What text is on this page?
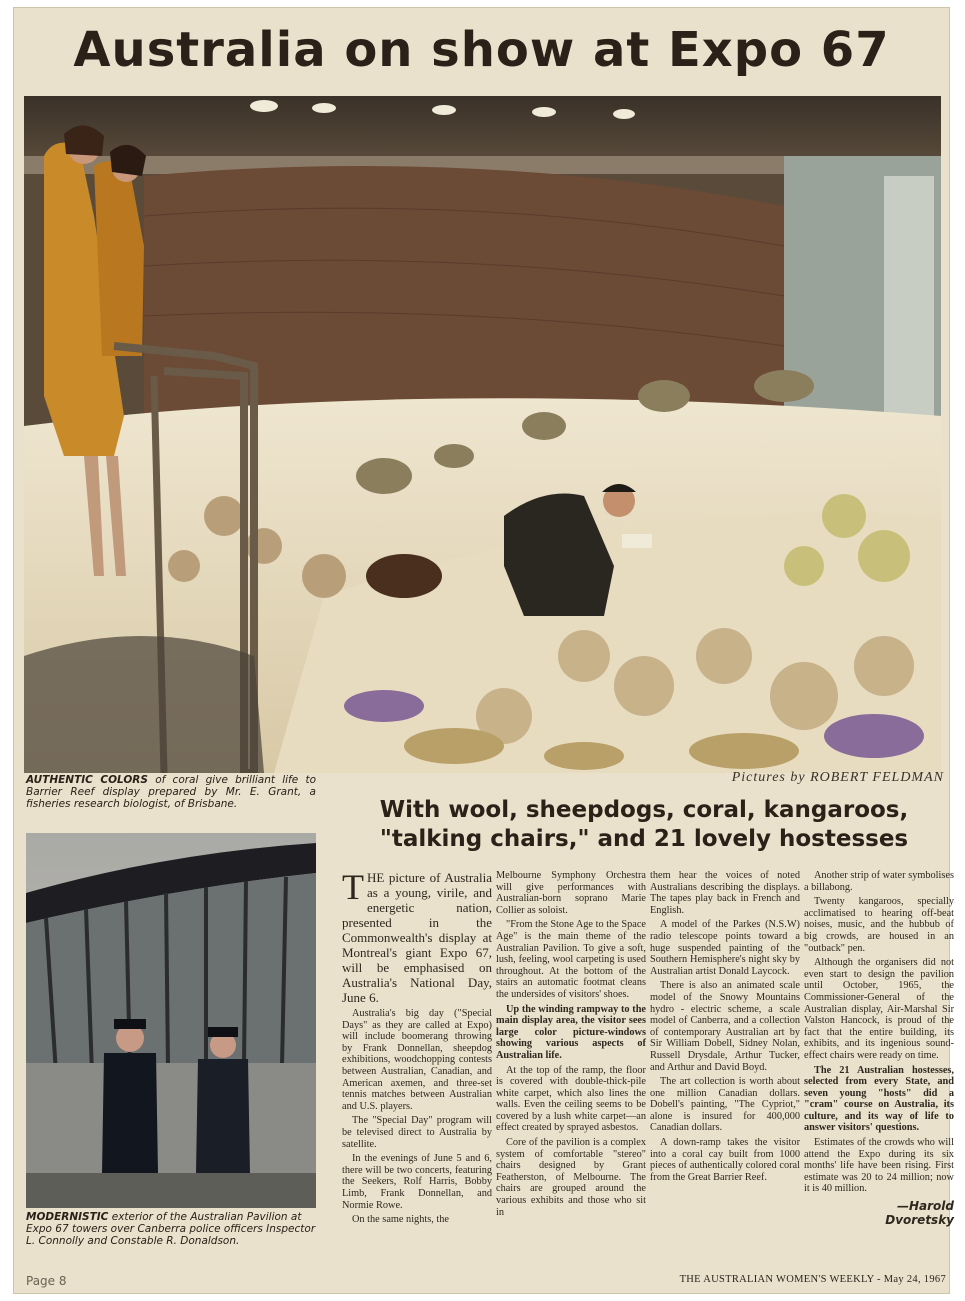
Australia on show at Expo 67
Pictures by ROBERT FELDMAN
AUTHENTIC COLORS of coral give brilliant life to Barrier Reef display prepared by Mr. E. Grant, a fisheries research biologist, of Brisbane.	With wool, sheepdogs, coral, kangaroos,
"talking chairs," and 21 lovely hostesses
MODERNISTIC exterior of the Australian Pavilion at Expo 67 towers over Canberra police officers Inspector L. Connolly and Constable R. Donaldson.
Page 8

THE picture of Australia as a young, virile, and energetic nation, presented in the Commonwealth's display at Montreal's giant Expo 67, will be emphasised on Australia's National Day, June 6.

Australia's big day ("Special Days" as they are called at Expo) will include boomerang throwing by Frank Donnellan, sheepdog exhibitions, woodchopping contests between Australian, Canadian, and American axemen, and three-set tennis matches between Australian and U.S. players.

The "Special Day" program will be televised direct to Australia by satellite.

In the evenings of June 5 and 6, there will be two concerts, featuring the Seekers, Rolf Harris, Bobby Limb, Frank Donnellan, and Normie Rowe.

On the same nights, the

Melbourne Symphony Orchestra will give performances with Australian-born soprano Marie Collier as soloist.

"From the Stone Age to the Space Age" is the main theme of the Australian Pavilion. To give a soft, lush, feeling, wool carpeting is used throughout. At the bottom of the stairs an automatic footmat cleans the undersides of visitors' shoes.

Up the winding rampway to the main display area, the visitor sees large color picture-windows showing various aspects of Australian life.

At the top of the ramp, the floor is covered with double-thick-pile white carpet, which also lines the walls. Even the ceiling seems to be covered by a lush white carpet—an effect created by sprayed asbestos.

Core of the pavilion is a complex system of comfortable "stereo" chairs designed by Grant Featherston, of Melbourne. The chairs are grouped around the various exhibits and those who sit in

them hear the voices of noted Australians describing the displays. The tapes play back in French and English.

A model of the Parkes (N.S.W) radio telescope points toward a huge suspended painting of the Southern Hemisphere's night sky by Australian artist Donald Laycock.

There is also an animated scale model of the Snowy Mountains hydro - electric scheme, a scale model of Canberra, and a collection of contemporary Australian art by Sir William Dobell, Sidney Nolan, Russell Drysdale, Arthur Tucker, and Arthur and David Boyd.

The art collection is worth about one million Canadian dollars. Dobell's painting, "The Cypriot," alone is insured for 400,000 Canadian dollars.

A down-ramp takes the visitor into a coral cay built from 1000 pieces of authentically colored coral from the Great Barrier Reef.

Another strip of water symbolises a billabong.

Twenty kangaroos, specially acclimatised to hearing off-beat noises, music, and the hubbub of big crowds, are housed in an "outback" pen.

Although the organisers did not even start to design the pavilion until October, 1965, the Commissioner-General of the Australian display, Air-Marshal Sir Valston Hancock, is proud of the fact that the entire building, its exhibits, and its ingenious sound-effect chairs were ready on time.

The 21 Australian hostesses, selected from every State, and seven young "hosts" did a "cram" course on Australia, its culture, and its way of life to answer visitors' questions.

Estimates of the crowds who will attend the Expo during its six months' life have been rising. First estimate was 20 to 24 million; now it is 40 million.

—Harold
Dvoretsky
THE AUSTRALIAN WOMEN'S WEEKLY - May 24, 1967
